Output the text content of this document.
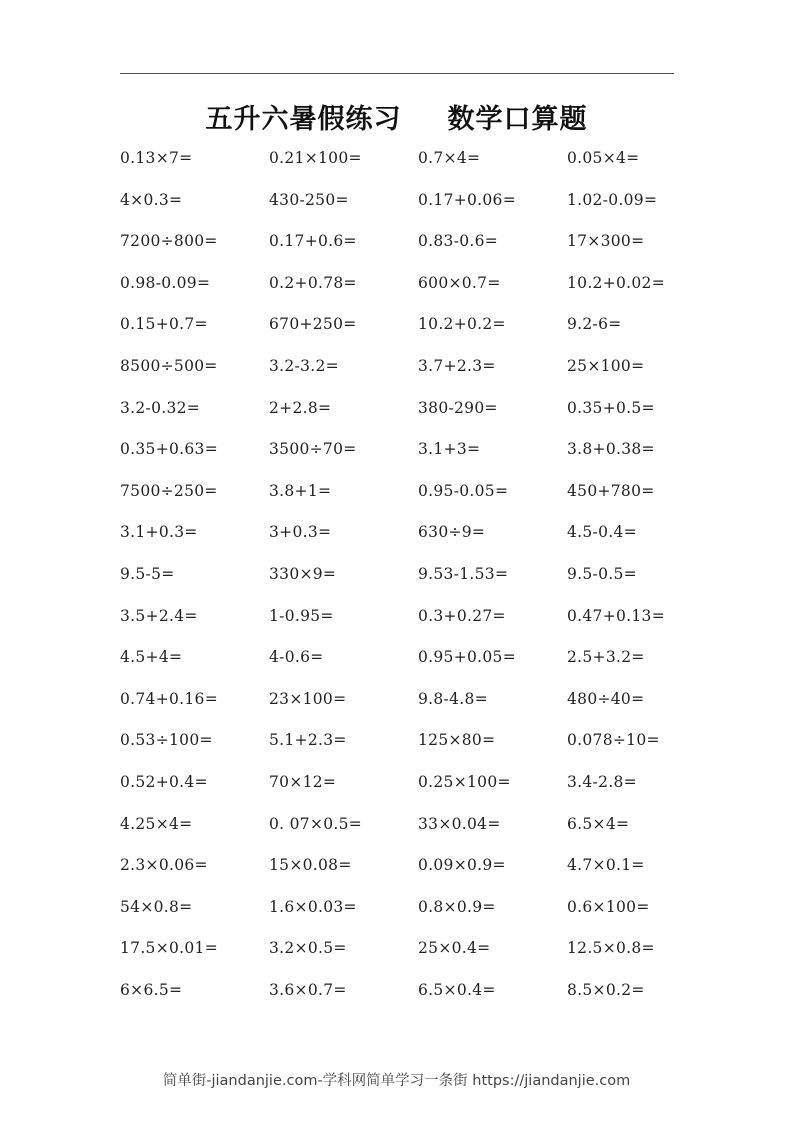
五升六暑假练习 数学口算题
0.13×7=	0.21×100=	0.7×4=	0.05×4=
4×0.3=	430-250=	0.17+0.06=	1.02-0.09=
7200÷800=	0.17+0.6=	0.83-0.6=	17×300=
0.98-0.09=	0.2+0.78=	600×0.7=	10.2+0.02=
0.15+0.7=	670+250=	10.2+0.2=	9.2-6=
8500÷500=	3.2-3.2=	3.7+2.3=	25×100=
3.2-0.32=	2+2.8=	380-290=	0.35+0.5=
0.35+0.63=	3500÷70=	3.1+3=	3.8+0.38=
7500÷250=	3.8+1=	0.95-0.05=	450+780=
3.1+0.3=	3+0.3=	630÷9=	4.5-0.4=
9.5-5=	330×9=	9.53-1.53=	9.5-0.5=
3.5+2.4=	1-0.95=	0.3+0.27=	0.47+0.13=
4.5+4=	4-0.6=	0.95+0.05=	2.5+3.2=
0.74+0.16=	23×100=	9.8-4.8=	480÷40=
0.53÷100=	5.1+2.3=	125×80=	0.078÷10=
0.52+0.4=	70×12=	0.25×100=	3.4-2.8=
4.25×4=	0. 07×0.5=	33×0.04=	6.5×4=
2.3×0.06=	15×0.08=	0.09×0.9=	4.7×0.1=
54×0.8=	1.6×0.03=	0.8×0.9=	0.6×100=
17.5×0.01=	3.2×0.5=	25×0.4=	12.5×0.8=
6×6.5=	3.6×0.7=	6.5×0.4=	8.5×0.2=
简单街-jiandanjie.com-学科网简单学习一条街 https://jiandanjie.com
